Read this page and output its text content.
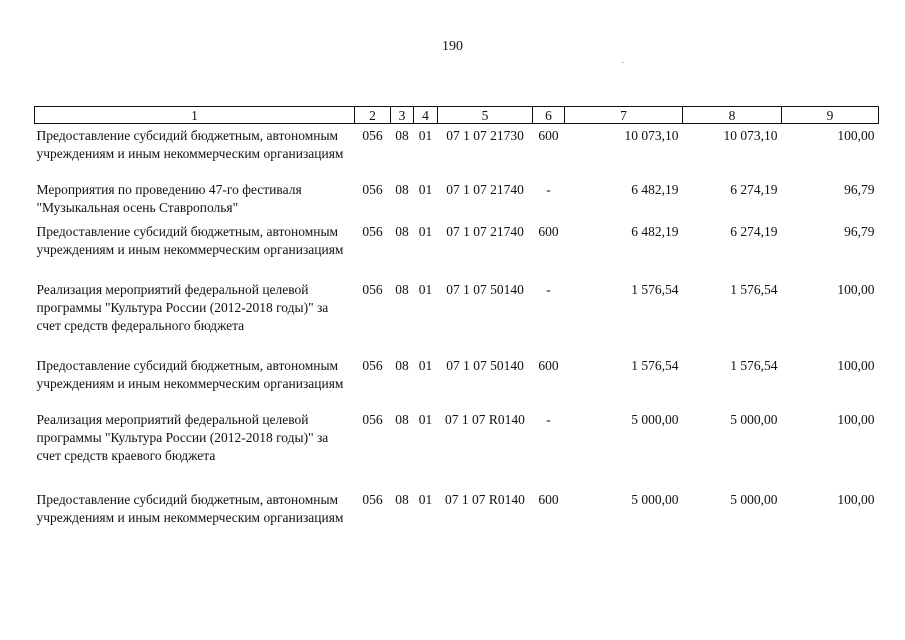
190
1	2	3	4	5	6	7	8	9
Предоставление субсидий бюджетным, автономным учреждениям и иным некоммерческим организациям	056	08	01	07 1 07 21730	600	10 073,10	10 073,10	100,00
Мероприятия по проведению 47-го фестиваля "Музыкальная осень Ставрополья"	056	08	01	07 1 07 21740	-	6 482,19	6 274,19	96,79
Предоставление субсидий бюджетным, автономным учреждениям и иным некоммерческим организациям	056	08	01	07 1 07 21740	600	6 482,19	6 274,19	96,79
Реализация мероприятий федеральной целевой программы "Культура России (2012-2018 годы)" за счет средств федерального бюджета	056	08	01	07 1 07 50140	-	1 576,54	1 576,54	100,00
Предоставление субсидий бюджетным, автономным учреждениям и иным некоммерческим организациям	056	08	01	07 1 07 50140	600	1 576,54	1 576,54	100,00
Реализация мероприятий федеральной целевой программы "Культура России (2012-2018 годы)" за счет средств краевого бюджета	056	08	01	07 1 07 R0140	-	5 000,00	5 000,00	100,00
Предоставление субсидий бюджетным, автономным учреждениям и иным некоммерческим организациям	056	08	01	07 1 07 R0140	600	5 000,00	5 000,00	100,00
